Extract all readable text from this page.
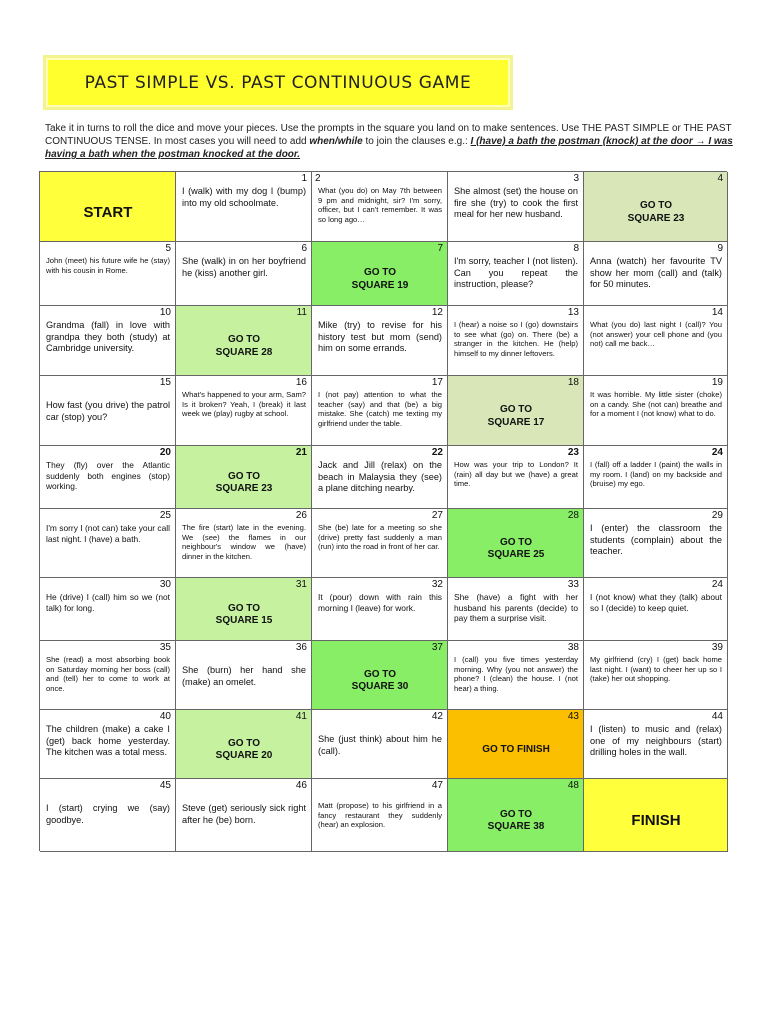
PAST SIMPLE VS. PAST CONTINUOUS GAME
Take it in turns to roll the dice and move your pieces. Use the prompts in the square you land on to make sentences. Use THE PAST SIMPLE or THE PAST CONTINUOUS TENSE. In most cases you will need to add when/while to join the clauses e.g.: I (have) a bath the postman (knock) at the door → I was having a bath when the postman knocked at the door.
START
1
I (walk) with my dog I (bump) into my old schoolmate.
2
What (you do) on May 7th between 9 pm and midnight, sir? I'm sorry, officer, but I can't remember. It was so long ago…
3
She almost (set) the house on fire she (try) to cook the first meal for her new husband.
4
GO TO SQUARE 23
5
John (meet) his future wife he (stay) with his cousin in Rome.
6
She (walk) in on her boyfriend he (kiss) another girl.
7
GO TO SQUARE 19
8
I'm sorry, teacher I (not listen). Can you repeat the instruction, please?
9
Anna (watch) her favourite TV show her mom (call) and (talk) for 50 minutes.
10
Grandma (fall) in love with grandpa they both (study) at Cambridge university.
11
GO TO SQUARE 28
12
Mike (try) to revise for his history test but mom (send) him on some errands.
13
I (hear) a noise so I (go) downstairs to see what (go) on. There (be) a stranger in the kitchen. He (help) himself to my dinner leftovers.
14
What (you do) last night I (call)? You (not answer) your cell phone and (you not) call me back…
15
How fast (you drive) the patrol car (stop) you?
16
What's happened to your arm, Sam? Is it broken? Yeah, I (break) it last week we (play) rugby at school.
17
I (not pay) attention to what the teacher (say) and that (be) a big mistake. She (catch) me texting my girlfriend under the table.
18
GO TO SQUARE 17
19
It was horrible. My little sister (choke) on a candy. She (not can) breathe and for a moment I (not know) what to do.
20
They (fly) over the Atlantic suddenly both engines (stop) working.
21
GO TO SQUARE 23
22
Jack and Jill (relax) on the beach in Malaysia they (see) a plane ditching nearby.
23
How was your trip to London? It (rain) all day but we (have) a great time.
24
I (fall) off a ladder I (paint) the walls in my room. I (land) on my backside and (bruise) my ego.
25
I'm sorry I (not can) take your call last night. I (have) a bath.
26
The fire (start) late in the evening. We (see) the flames in our neighbour's window we (have) dinner in the kitchen.
27
She (be) late for a meeting so she (drive) pretty fast suddenly a man (run) into the road in front of her car.
28
GO TO SQUARE 25
29
I (enter) the classroom the students (complain) about the teacher.
30
He (drive) I (call) him so we (not talk) for long.
31
GO TO SQUARE 15
32
It (pour) down with rain this morning I (leave) for work.
33
She (have) a fight with her husband his parents (decide) to pay them a surprise visit.
24
I (not know) what they (talk) about so I (decide) to keep quiet.
35
She (read) a most absorbing book on Saturday morning her boss (call) and (tell) her to come to work at once.
36
She (burn) her hand she (make) an omelet.
37
GO TO SQUARE 30
38
I (call) you five times yesterday morning. Why (you not answer) the phone? I (clean) the house. I (not hear) a thing.
39
My girlfriend (cry) I (get) back home last night. I (want) to cheer her up so I (take) her out shopping.
40
The children (make) a cake I (get) back home yesterday. The kitchen was a total mess.
41
GO TO SQUARE 20
42
She (just think) about him he (call).
43
GO TO FINISH
44
I (listen) to music and (relax) one of my neighbours (start) drilling holes in the wall.
45
I (start) crying we (say) goodbye.
46
Steve (get) seriously sick right after he (be) born.
47
Matt (propose) to his girlfriend in a fancy restaurant they suddenly (hear) an explosion.
48
GO TO SQUARE 38	FINISH
